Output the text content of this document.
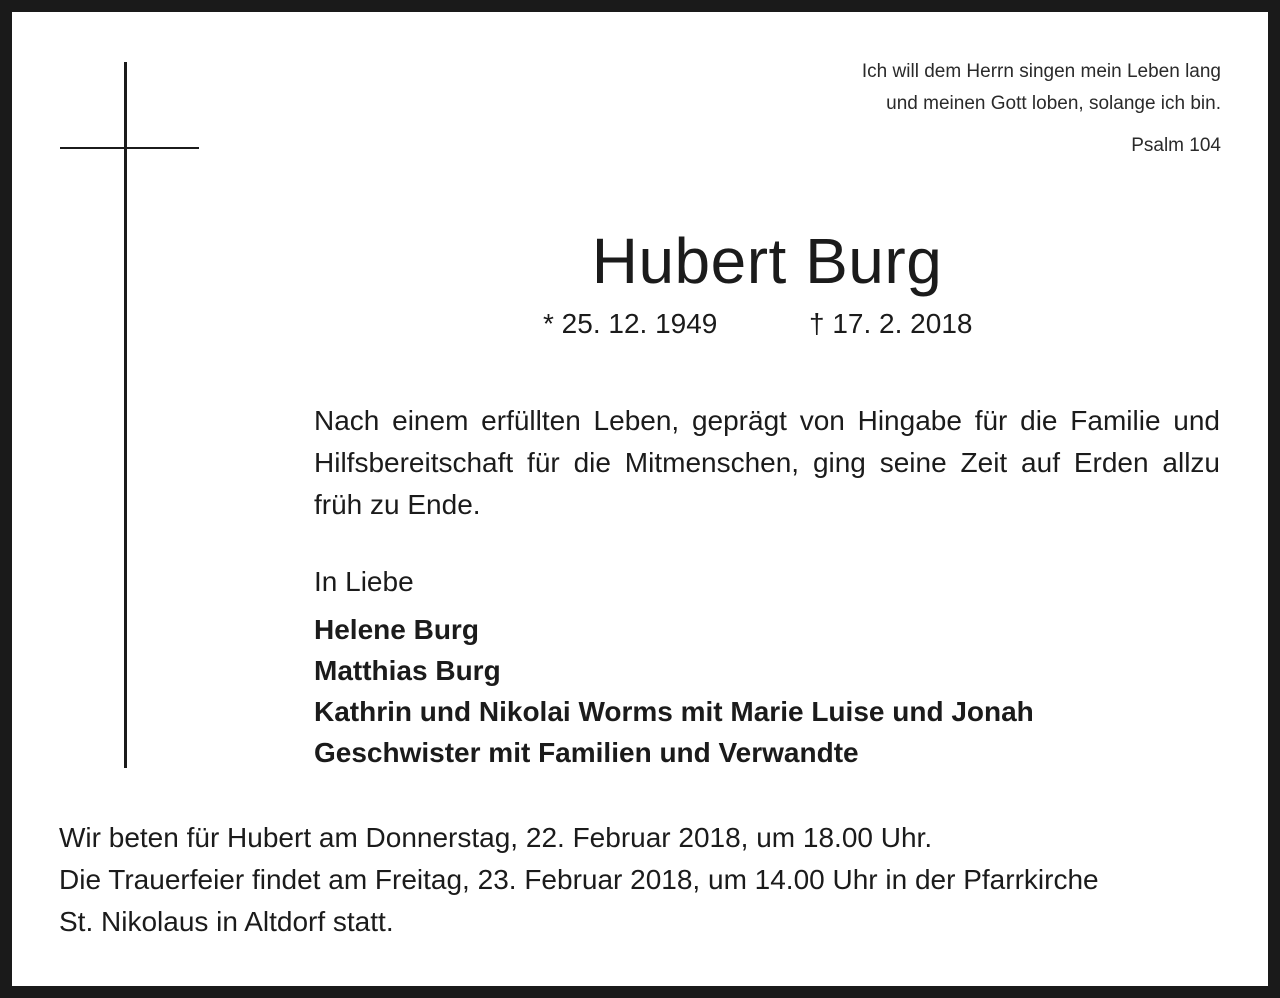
Ich will dem Herrn singen mein Leben lang
und meinen Gott loben, solange ich bin.
Psalm 104
Hubert Burg
* 25. 12. 1949	† 17. 2. 2018
Nach einem erfüllten Leben, geprägt von Hingabe für die Familie und Hilfsbereitschaft für die Mitmenschen, ging seine Zeit auf Erden allzu früh zu Ende.
In Liebe
Helene Burg
Matthias Burg
Kathrin und Nikolai Worms mit Marie Luise und Jonah
Geschwister mit Familien und Verwandte
Wir beten für Hubert am Donnerstag, 22. Februar 2018, um 18.00 Uhr.
Die Trauerfeier findet am Freitag, 23. Februar 2018, um 14.00 Uhr in der Pfarrkirche
St. Nikolaus in Altdorf statt.
